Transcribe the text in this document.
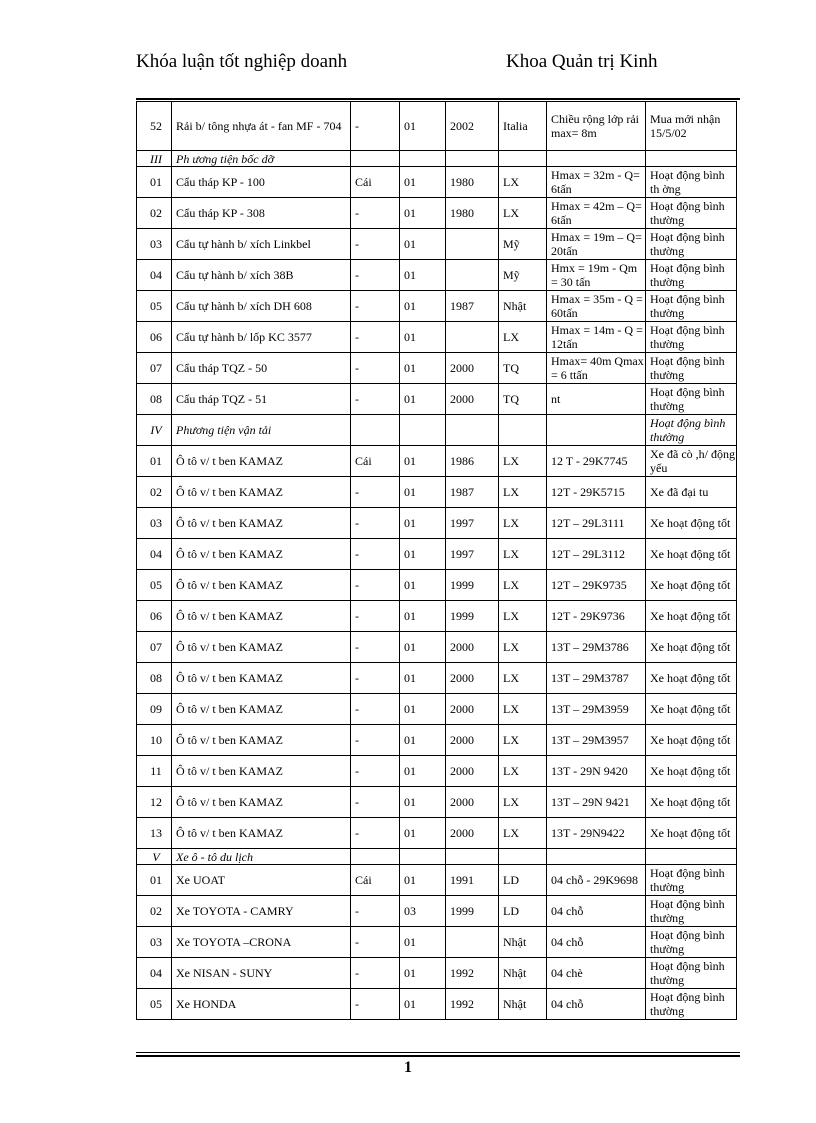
Khóa luận tốt nghiệp doanh	Khoa Quản trị Kinh
52	Rải b/ tông nhựa át - fan MF - 704	-	01	2002	Italia	Chiều rộng lớp rải max= 8m	Mua mới nhận 15/5/02
III	Ph ương tiện bốc dỡ						
01	Cẩu tháp KP - 100	Cái	01	1980	LX	Hmax = 32m - Q= 6tấn	Hoạt động bình th ờng
02	Cẩu tháp KP - 308	-	01	1980	LX	Hmax = 42m – Q= 6tấn	Hoạt động bình thường
03	Cẩu tự hành b/ xích Linkbel	-	01		Mỹ	Hmax = 19m – Q= 20tấn	Hoạt động bình thường
04	Cẩu tự hành b/ xích 38B	-	01		Mỹ	Hmx = 19m - Qm = 30 tấn	Hoạt động bình thường
05	Cẩu tự hành b/ xích DH 608	-	01	1987	Nhật	Hmax = 35m - Q = 60tấn	Hoạt động bình thường
06	Cẩu tự hành b/ lốp KC 3577	-	01		LX	Hmax = 14m - Q = 12tấn	Hoạt động bình thường
07	Cẩu tháp TQZ - 50	-	01	2000	TQ	Hmax= 40m Qmax = 6 ttấn	Hoạt động bình thường
08	Cẩu tháp TQZ - 51	-	01	2000	TQ	nt	Hoạt động bình thường
IV	Phương tiện vận tải						Hoạt động bình thường
01	Ô tô v/ t ben KAMAZ	Cái	01	1986	LX	12 T - 29K7745	Xe đã cò ,h/ động yếu
02	Ô tô v/ t ben KAMAZ	-	01	1987	LX	12T - 29K5715	Xe đã đại tu
03	Ô tô v/ t ben KAMAZ	-	01	1997	LX	12T – 29L3111	Xe hoạt động tốt
04	Ô tô v/ t ben KAMAZ	-	01	1997	LX	12T – 29L3112	Xe hoạt động tốt
05	Ô tô v/ t ben KAMAZ	-	01	1999	LX	12T – 29K9735	Xe hoạt động tốt
06	Ô tô v/ t ben KAMAZ	-	01	1999	LX	12T - 29K9736	Xe hoạt động tốt
07	Ô tô v/ t ben KAMAZ	-	01	2000	LX	13T – 29M3786	Xe hoạt động tốt
08	Ô tô v/ t ben KAMAZ	-	01	2000	LX	13T – 29M3787	Xe hoạt động tốt
09	Ô tô v/ t ben KAMAZ	-	01	2000	LX	13T – 29M3959	Xe hoạt động tốt
10	Ô tô v/ t ben KAMAZ	-	01	2000	LX	13T – 29M3957	Xe hoạt động tốt
11	Ô tô v/ t ben KAMAZ	-	01	2000	LX	13T - 29N 9420	Xe hoạt động tốt
12	Ô tô v/ t ben KAMAZ	-	01	2000	LX	13T – 29N 9421	Xe hoạt động tốt
13	Ô tô v/ t ben KAMAZ	-	01	2000	LX	13T - 29N9422	Xe hoạt động tốt
V	Xe ô - tô du lịch						
01	Xe UOAT	Cái	01	1991	LD	04 chỗ - 29K9698	Hoạt động bình thường
02	Xe TOYOTA - CAMRY	-	03	1999	LD	04 chỗ	Hoạt động bình thường
03	Xe TOYOTA –CRONA	-	01		Nhật	04 chỗ	Hoạt động bình thường
04	Xe NISAN - SUNY	-	01	1992	Nhật	04 chè	Hoạt động bình thường
05	Xe HONDA	-	01	1992	Nhật	04 chỗ	Hoạt động bình thường
1
